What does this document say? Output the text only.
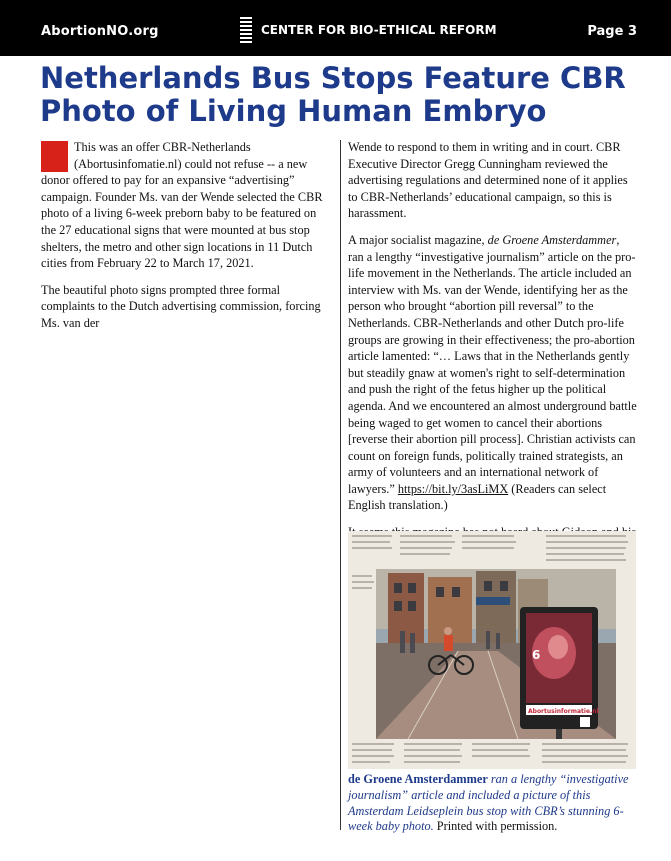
AbortionNO.org	CENTER FOR BIO-ETHICAL REFORM	Page 3
Netherlands Bus Stops Feature CBR Photo of Living Human Embryo

This was an offer CBR-Netherlands (Abortusinfomatie.nl) could not refuse -- a new donor offered to pay for an expansive “advertising” campaign. Founder Ms. van der Wende selected the CBR photo of a living 6-week preborn baby to be featured on the 27 educational signs that were mounted at bus stop shelters, the metro and other sign locations in 11 Dutch cities from February 22 to March 17, 2021.

The beautiful photo signs prompted three formal complaints to the Dutch advertising commission, forcing Ms. van der

Wende to respond to them in writing and in court. CBR Executive Director Gregg Cunningham reviewed the advertising regulations and determined none of it applies to CBR-Netherlands’ educational campaign, so this is harassment.

A major socialist magazine, de Groene Amsterdammer, ran a lengthy “investigative journalism” article on the pro-life movement in the Netherlands. The article included an interview with Ms. van der Wende, identifying her as the person who brought “abortion pill reversal” to the Netherlands. CBR-Netherlands and other Dutch pro-life groups are growing in their effectiveness; the pro-abortion article lamented: “… Laws that in the Netherlands gently but steadily gnaw at women's right to self-determination and push the right of the fetus higher up the political agenda. And we encountered an almost underground battle being waged to get women to cancel their abortions [reverse their abortion pill process]. Christian activists can count on foreign funds, politically trained strategists, an army of volunteers and an international network of lawyers.” https://bit.ly/3asLiMX (Readers can select English translation.)

6
Abortusinformatie.nl
de Groene Amsterdammer ran a lengthy “investigative journalism” article and included a picture of this Amsterdam Leidseplein bus stop with CBR’s stunning 6-week baby photo. Printed with permission.
